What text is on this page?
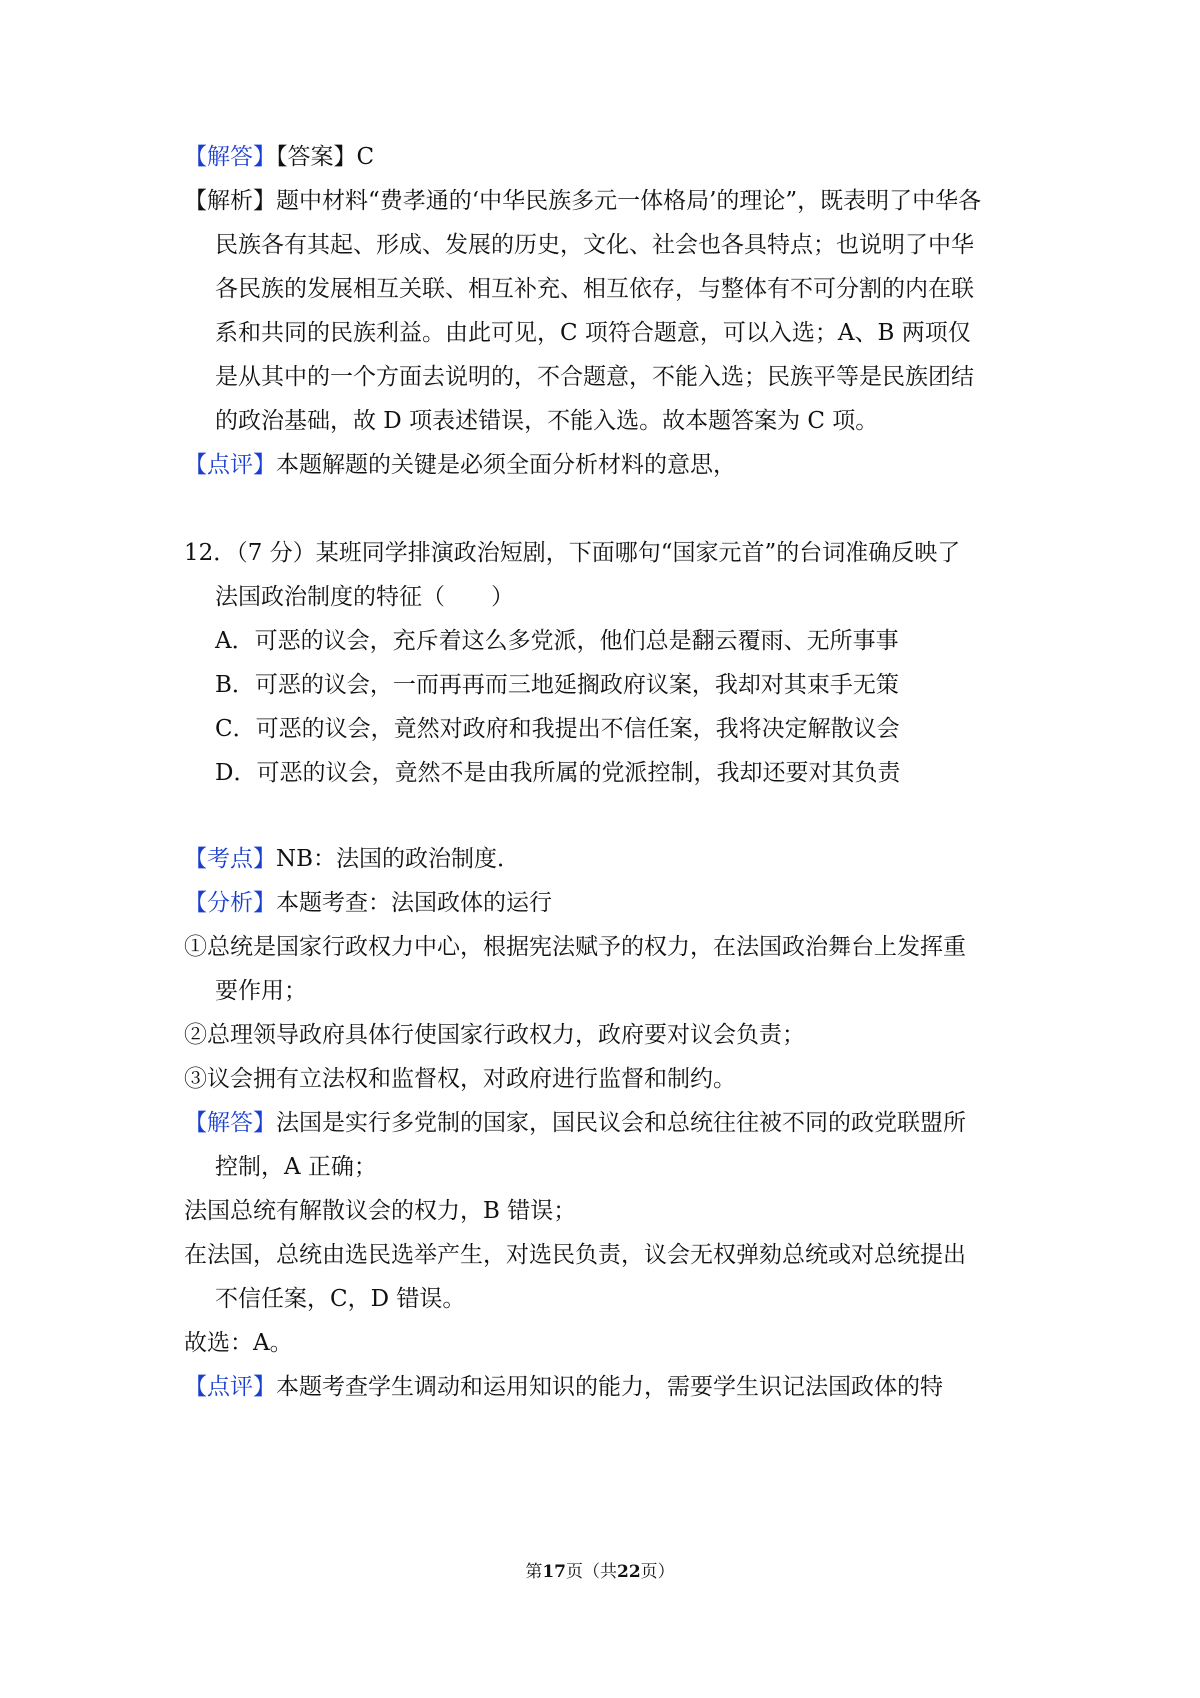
【解答】【答案】C
【解析】题中材料“费孝通的‘中华民族多元一体格局’的理论”，既表明了中华各
民族各有其起、形成、发展的历史，文化、社会也各具特点；也说明了中华
各民族的发展相互关联、相互补充、相互依存，与整体有不可分割的内在联
系和共同的民族利益。由此可见，C 项符合题意，可以入选；A、B 两项仅
是从其中的一个方面去说明的，不合题意，不能入选；民族平等是民族团结
的政治基础，故 D 项表述错误，不能入选。故本题答案为 C 项。
【点评】本题解题的关键是必须全面分析材料的意思，
12．（7 分）某班同学排演政治短剧，下面哪句“国家元首”的台词准确反映了
法国政治制度的特征（　　）
A．可恶的议会，充斥着这么多党派，他们总是翻云覆雨、无所事事
B．可恶的议会，一而再再而三地延搁政府议案，我却对其束手无策
C．可恶的议会，竟然对政府和我提出不信任案，我将决定解散议会
D．可恶的议会，竟然不是由我所属的党派控制，我却还要对其负责
【考点】NB：法国的政治制度．
【分析】本题考查：法国政体的运行
①总统是国家行政权力中心，根据宪法赋予的权力，在法国政治舞台上发挥重
要作用；
②总理领导政府具体行使国家行政权力，政府要对议会负责；
③议会拥有立法权和监督权，对政府进行监督和制约。
【解答】法国是实行多党制的国家，国民议会和总统往往被不同的政党联盟所
控制，A 正确；
法国总统有解散议会的权力，B 错误；
在法国，总统由选民选举产生，对选民负责，议会无权弹劾总统或对总统提出
不信任案，C，D 错误。
故选：A。
【点评】本题考查学生调动和运用知识的能力，需要学生识记法国政体的特
第17页（共22页）
